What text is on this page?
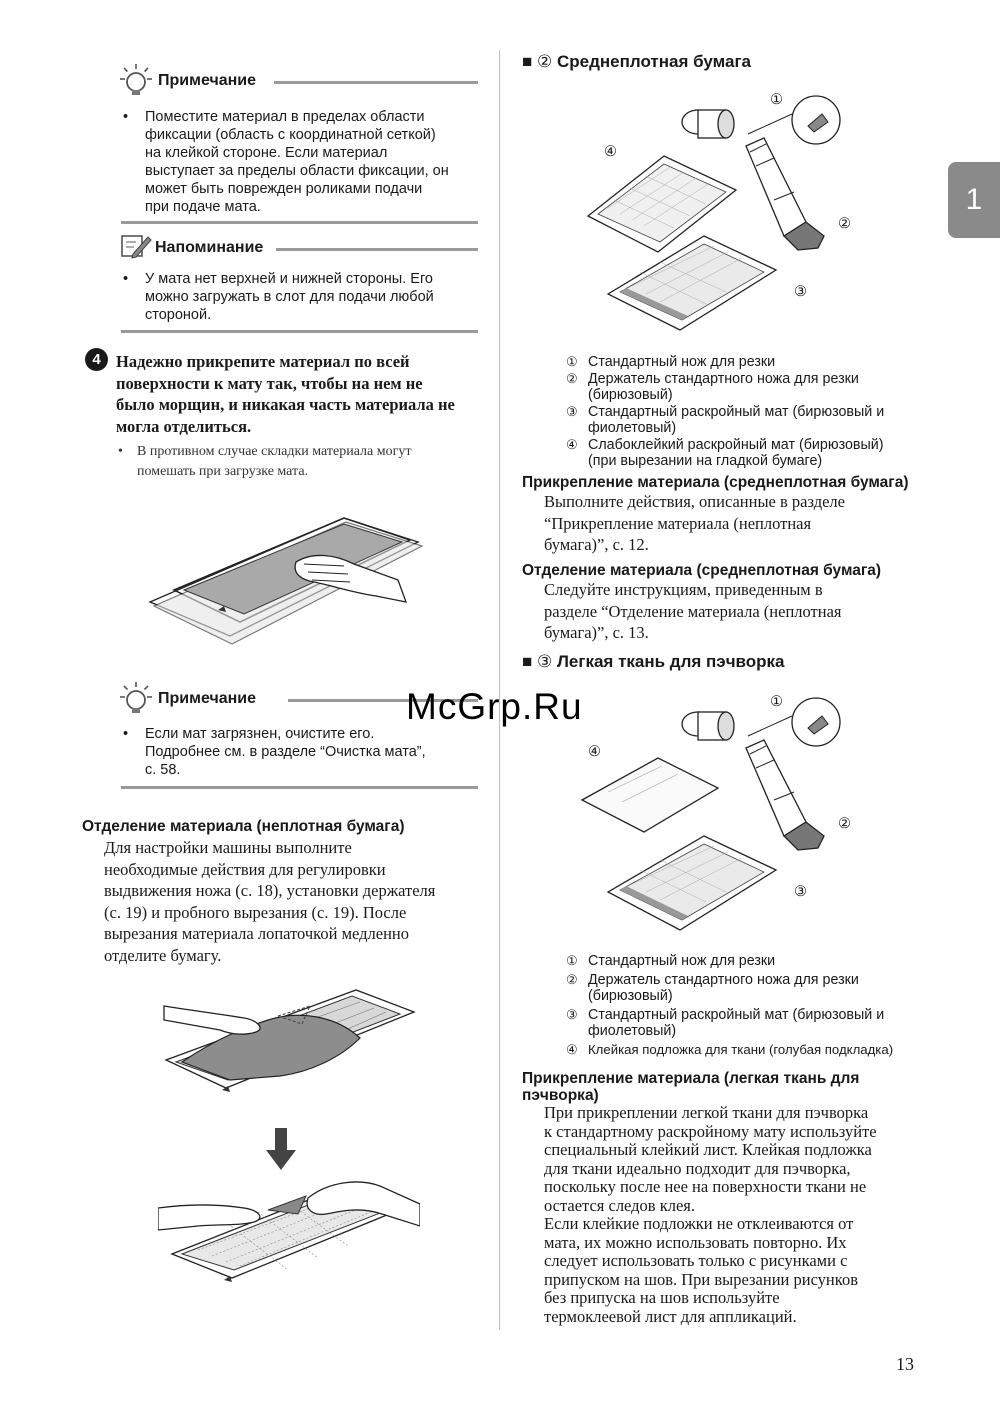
Примечание
• Поместите материал в пределах области
фиксации (область с координатной сеткой)
на клейкой стороне. Если материал
выступает за пределы области фиксации, он
может быть поврежден роликами подачи
при подаче мата.
Напоминание
• У мата нет верхней и нижней стороны. Его
можно загружать в слот для подачи любой
стороной.
4 Надежно прикрепите материал по всей
поверхности к мату так, чтобы на нем не
было морщин, и никакая часть материала не
могла отделиться.
•	В противном случае складки материала могут
помешать при загрузке мата.
Примечание
• Если мат загрязнен, очистите его.
Подробнее см. в разделе “Очистка мата”,
с. 58.
Отделение материала (неплотная бумага)
Для настройки машины выполните
необходимые действия для регулировки
выдвижения ножа (с. 18), установки держателя
(с. 19) и пробного вырезания (с. 19). После
вырезания материала лопаточкой медленно
отделите бумагу.
■ ② Среднеплотная бумага
①
④
②
③
① Стандартный нож для резки
② Держатель стандартного ножа для резки
(бирюзовый)
③ Стандартный раскройный мат (бирюзовый и
фиолетовый)
④ Слабоклейкий раскройный мат (бирюзовый)
(при вырезании на гладкой бумаге)
Прикрепление материала (среднеплотная бумага)
Выполните действия, описанные в разделе
“Прикрепление материала (неплотная
бумага)”, с. 12.
Отделение материала (среднеплотная бумага)
Следуйте инструкциям, приведенным в
разделе “Отделение материала (неплотная
бумага)”, с. 13.
■ ③ Легкая ткань для пэчворка
①
④
②
③
① Стандартный нож для резки
② Держатель стандартного ножа для резки
(бирюзовый)
③ Стандартный раскройный мат (бирюзовый и
фиолетовый)
④ Клейкая подложка для ткани (голубая подкладка)
Прикрепление материала (легкая ткань для
пэчворка)
При прикреплении легкой ткани для пэчворка
к стандартному раскройному мату используйте
специальный клейкий лист. Клейкая подложка
для ткани идеально подходит для пэчворка,
поскольку после нее на поверхности ткани не
остается следов клея.
Если клейкие подложки не отклеиваются от
мата, их можно использовать повторно. Их
следует использовать только с рисунками с
припуском на шов. При вырезании рисунков
без припуска на шов используйте
термоклеевой лист для аппликаций.
1
13
McGrp.Ru
